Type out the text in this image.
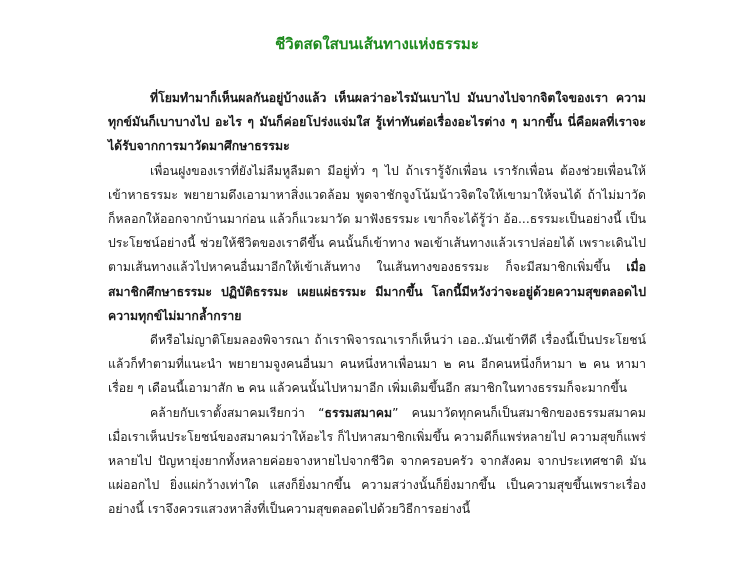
ชีวิตสดใสบนเส้นทางแห่งธรรมะ

ที่โยมทำมาก็เห็นผลกันอยู่บ้างแล้ว เห็นผลว่าอะไรมันเบาไป มันบางไปจากจิตใจของเรา ความทุกข์มันก็เบาบางไป อะไร ๆ มันก็ค่อยโปร่งแจ่มใส รู้เท่าทันต่อเรื่องอะไรต่าง ๆ มากขึ้น นี่คือผลที่เราจะได้รับจากการมาวัดมาศึกษาธรรมะ

เพื่อนฝูงของเราที่ยังไม่ลืมหูลืมตา มีอยู่ทั่ว ๆ ไป ถ้าเรารู้จักเพื่อน เรารักเพื่อน ต้องช่วยเพื่อนให้เข้าหาธรรมะ พยายามดึงเอามาหาสิ่งแวดล้อม พูดจาชักจูงโน้มน้าวจิตใจให้เขามาให้จนได้ ถ้าไม่มาวัดก็หลอกให้ออกจากบ้านมาก่อน แล้วก็แวะมาวัด มาฟังธรรมะ เขาก็จะได้รู้ว่า อ้อ...ธรรมะเป็นอย่างนี้ เป็นประโยชน์อย่างนี้ ช่วยให้ชีวิตของเราดีขึ้น คนนั้นก็เข้าทาง พอเข้าเส้นทางแล้วเราปล่อยได้ เพราะเดินไปตามเส้นทางแล้วไปหาคนอื่นมาอีกให้เข้าเส้นทาง ในเส้นทางของธรรมะ ก็จะมีสมาชิกเพิ่มขึ้น เมื่อสมาชิกศึกษาธรรมะ ปฏิบัติธรรมะ เผยแผ่ธรรมะ มีมากขึ้น โลกนี้มีหวังว่าจะอยู่ด้วยความสุขตลอดไป ความทุกข์ไม่มากล้ำกราย

ดีหรือไม่ญาติโยมลองพิจารณา ถ้าเราพิจารณาเราก็เห็นว่า เออ..มันเข้าทีดี เรื่องนี้เป็นประโยชน์ แล้วก็ทำตามที่แนะนำ พยายามจูงคนอื่นมา คนหนึ่งหาเพื่อนมา ๒ คน อีกคนหนึ่งก็หามา ๒ คน หามาเรื่อย ๆ เดือนนี้เอามาสัก ๒ คน แล้วคนนั้นไปหามาอีก เพิ่มเติมขึ้นอีก สมาชิกในทางธรรมก็จะมากขึ้น

คล้ายกับเราตั้งสมาคมเรียกว่า “ธรรมสมาคม” คนมาวัดทุกคนก็เป็นสมาชิกของธรรมสมาคม เมื่อเราเห็นประโยชน์ของสมาคมว่าให้อะไร ก็ไปหาสมาชิกเพิ่มขึ้น ความดีก็แพร่หลายไป ความสุขก็แพร่หลายไป ปัญหายุ่งยากทั้งหลายค่อยจางหายไปจากชีวิต จากครอบครัว จากสังคม จากประเทศชาติ มันแผ่ออกไป ยิ่งแผ่กว้างเท่าใด แสงก็ยิ่งมากขึ้น ความสว่างนั้นก็ยิ่งมากขึ้น เป็นความสุขขึ้นเพราะเรื่องอย่างนี้ เราจึงควรแสวงหาสิ่งที่เป็นความสุขตลอดไปด้วยวิธีการอย่างนี้
